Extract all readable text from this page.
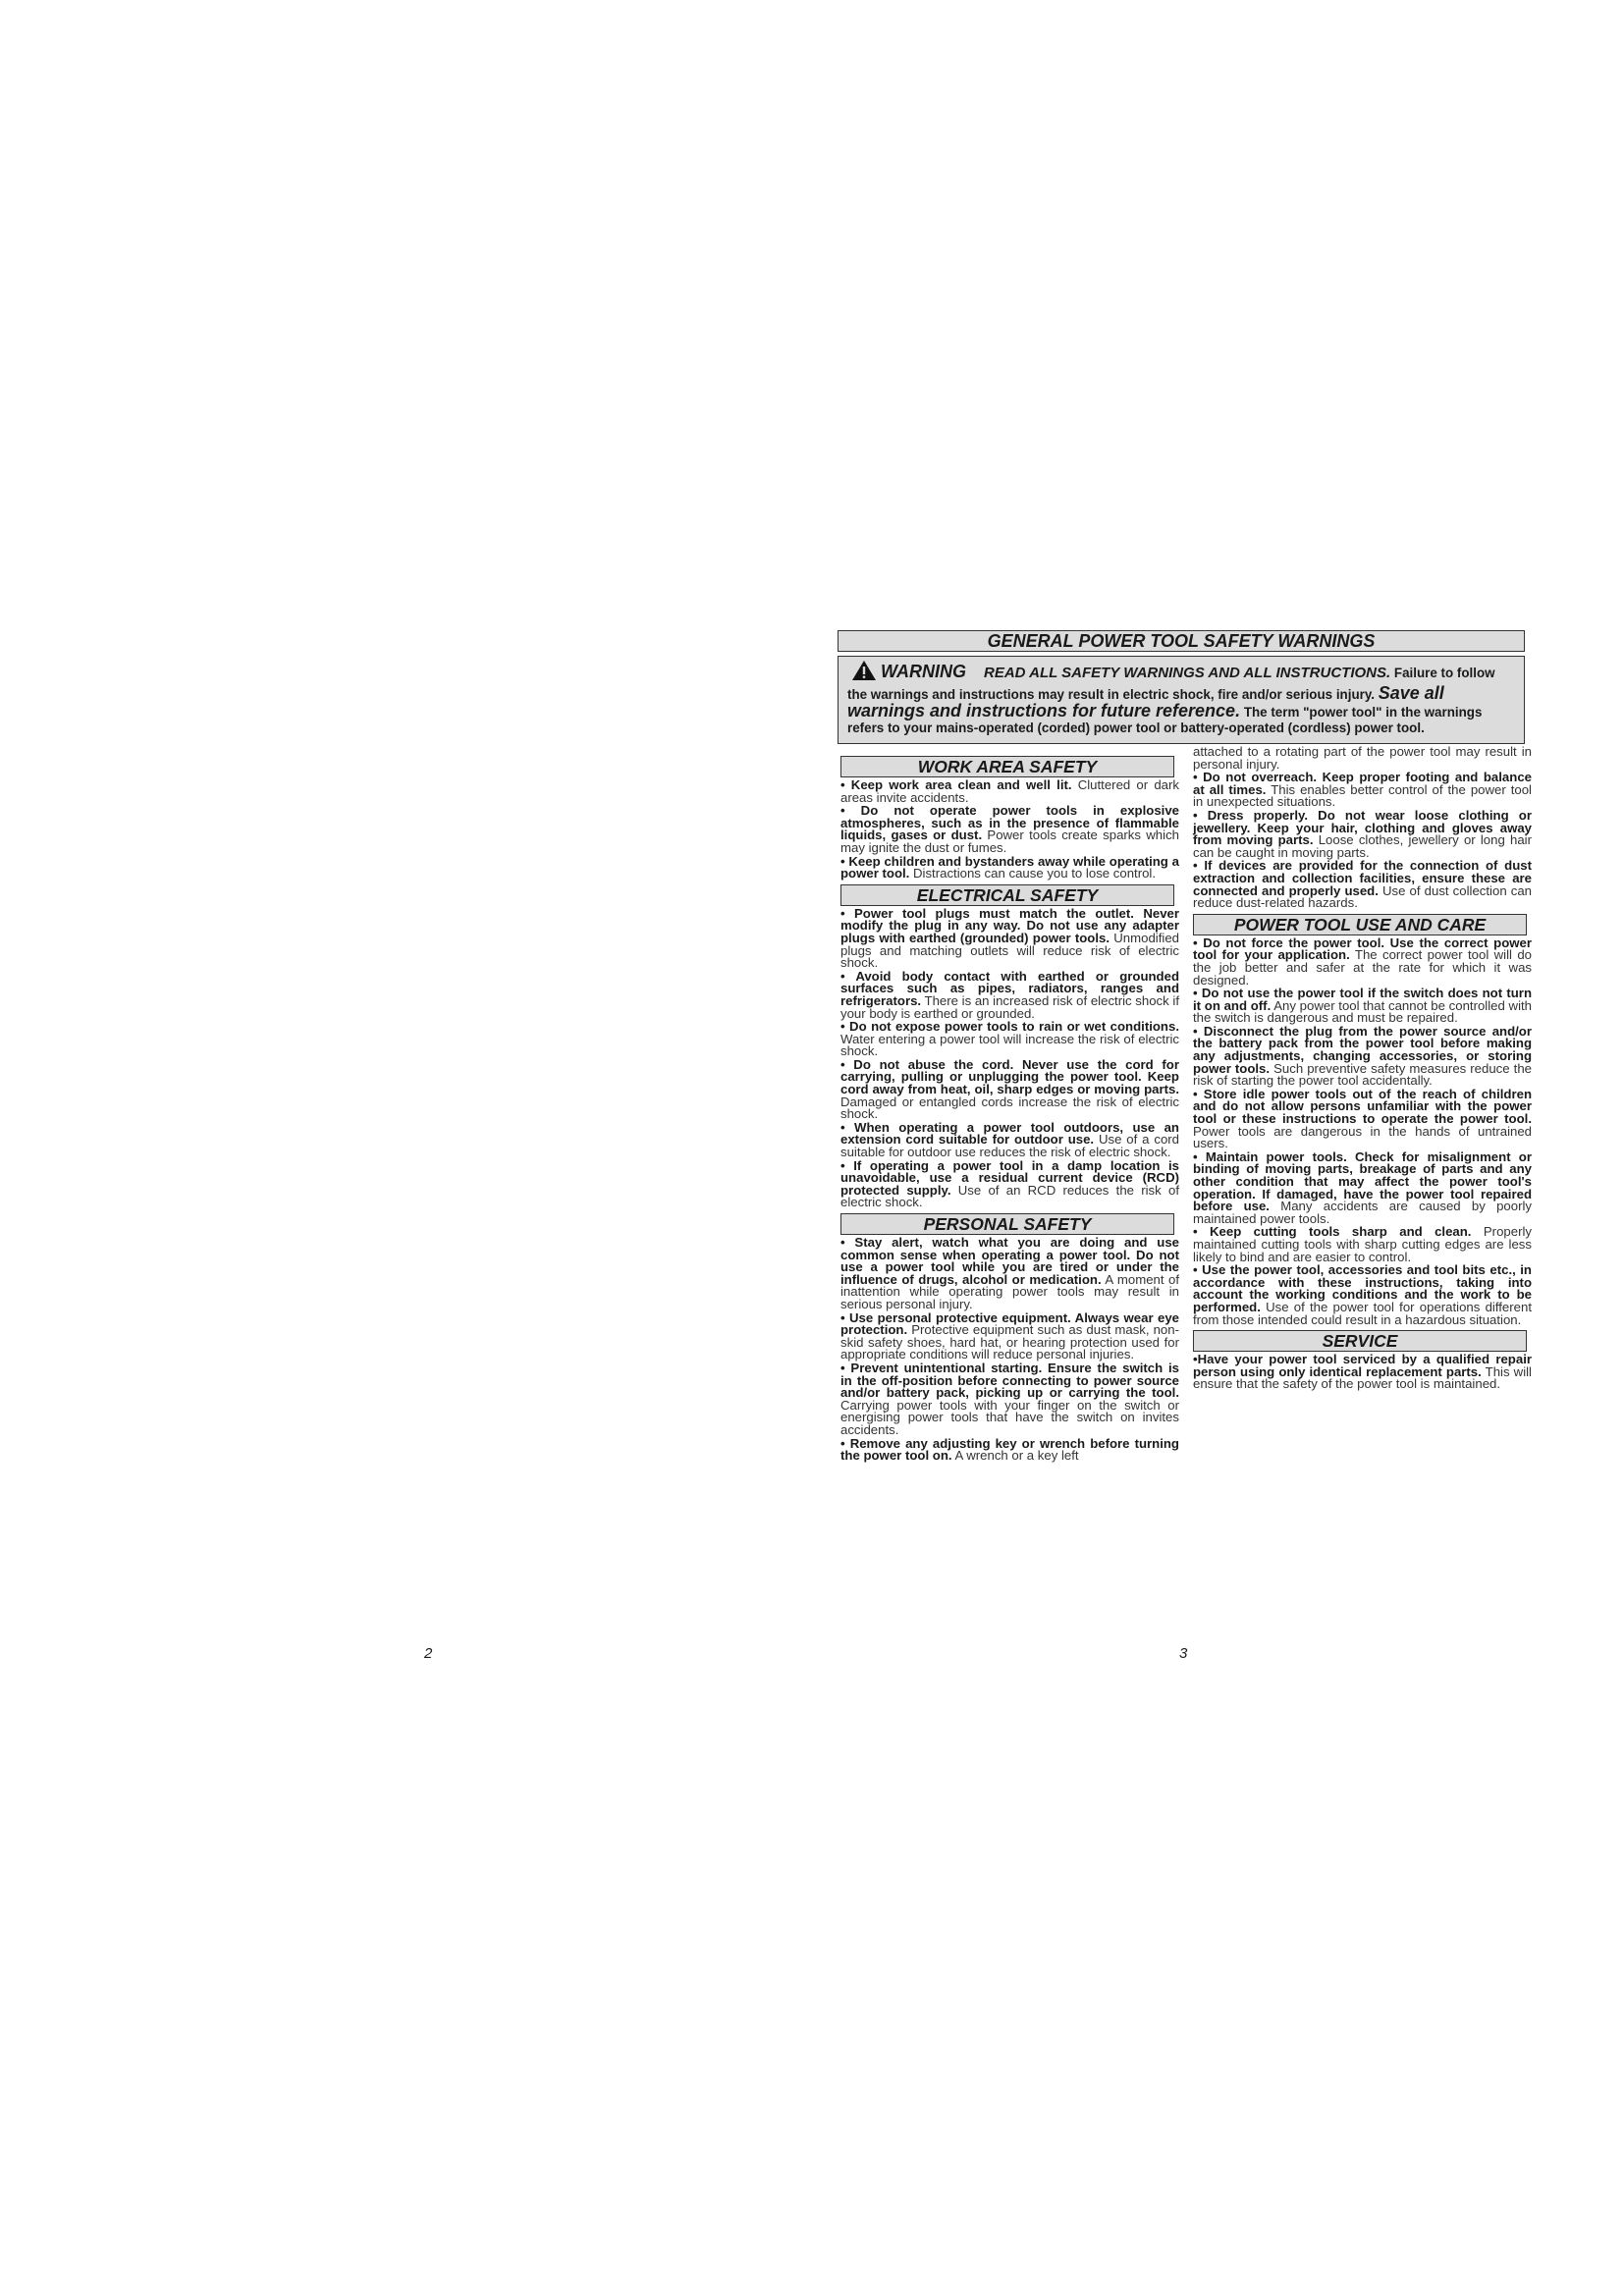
GENERAL POWER TOOL SAFETY WARNINGS
WARNING READ ALL SAFETY WARNINGS AND ALL INSTRUCTIONS. Failure to follow the warnings and instructions may result in electric shock, fire and/or serious injury. Save all warnings and instructions for future reference. The term "power tool" in the warnings refers to your mains-operated (corded) power tool or battery-operated (cordless) power tool.
WORK AREA SAFETY
• Keep work area clean and well lit. Cluttered or dark areas invite accidents.
• Do not operate power tools in explosive atmospheres, such as in the presence of flammable liquids, gases or dust. Power tools create sparks which may ignite the dust or fumes.
• Keep children and bystanders away while operating a power tool. Distractions can cause you to lose control.
ELECTRICAL SAFETY
• Power tool plugs must match the outlet. Never modify the plug in any way. Do not use any adapter plugs with earthed (grounded) power tools. Unmodified plugs and matching outlets will reduce risk of electric shock.
• Avoid body contact with earthed or grounded surfaces such as pipes, radiators, ranges and refrigerators. There is an increased risk of electric shock if your body is earthed or grounded.
• Do not expose power tools to rain or wet conditions. Water entering a power tool will increase the risk of electric shock.
• Do not abuse the cord. Never use the cord for carrying, pulling or unplugging the power tool. Keep cord away from heat, oil, sharp edges or moving parts. Damaged or entangled cords increase the risk of electric shock.
• When operating a power tool outdoors, use an extension cord suitable for outdoor use. Use of a cord suitable for outdoor use reduces the risk of electric shock.
• If operating a power tool in a damp location is unavoidable, use a residual current device (RCD) protected supply. Use of an RCD reduces the risk of electric shock.
PERSONAL SAFETY
• Stay alert, watch what you are doing and use common sense when operating a power tool. Do not use a power tool while you are tired or under the influence of drugs, alcohol or medication. A moment of inattention while operating power tools may result in serious personal injury.
• Use personal protective equipment. Always wear eye protection. Protective equipment such as dust mask, non-skid safety shoes, hard hat, or hearing protection used for appropriate conditions will reduce personal injuries.
• Prevent unintentional starting. Ensure the switch is in the off-position before connecting to power source and/or battery pack, picking up or carrying the tool. Carrying power tools with your finger on the switch or energising power tools that have the switch on invites accidents.
• Remove any adjusting key or wrench before turning the power tool on. A wrench or a key left
attached to a rotating part of the power tool may result in personal injury.
• Do not overreach. Keep proper footing and balance at all times. This enables better control of the power tool in unexpected situations.
• Dress properly. Do not wear loose clothing or jewellery. Keep your hair, clothing and gloves away from moving parts. Loose clothes, jewellery or long hair can be caught in moving parts.
• If devices are provided for the connection of dust extraction and collection facilities, ensure these are connected and properly used. Use of dust collection can reduce dust-related hazards.
POWER TOOL USE AND CARE
• Do not force the power tool. Use the correct power tool for your application. The correct power tool will do the job better and safer at the rate for which it was designed.
• Do not use the power tool if the switch does not turn it on and off. Any power tool that cannot be controlled with the switch is dangerous and must be repaired.
• Disconnect the plug from the power source and/or the battery pack from the power tool before making any adjustments, changing accessories, or storing power tools. Such preventive safety measures reduce the risk of starting the power tool accidentally.
• Store idle power tools out of the reach of children and do not allow persons unfamiliar with the power tool or these instructions to operate the power tool. Power tools are dangerous in the hands of untrained users.
• Maintain power tools. Check for misalignment or binding of moving parts, breakage of parts and any other condition that may affect the power tool's operation. If damaged, have the power tool repaired before use. Many accidents are caused by poorly maintained power tools.
• Keep cutting tools sharp and clean. Properly maintained cutting tools with sharp cutting edges are less likely to bind and are easier to control.
• Use the power tool, accessories and tool bits etc., in accordance with these instructions, taking into account the working conditions and the work to be performed. Use of the power tool for operations different from those intended could result in a hazardous situation.
SERVICE
•Have your power tool serviced by a qualified repair person using only identical replacement parts. This will ensure that the safety of the power tool is maintained.
2	3
